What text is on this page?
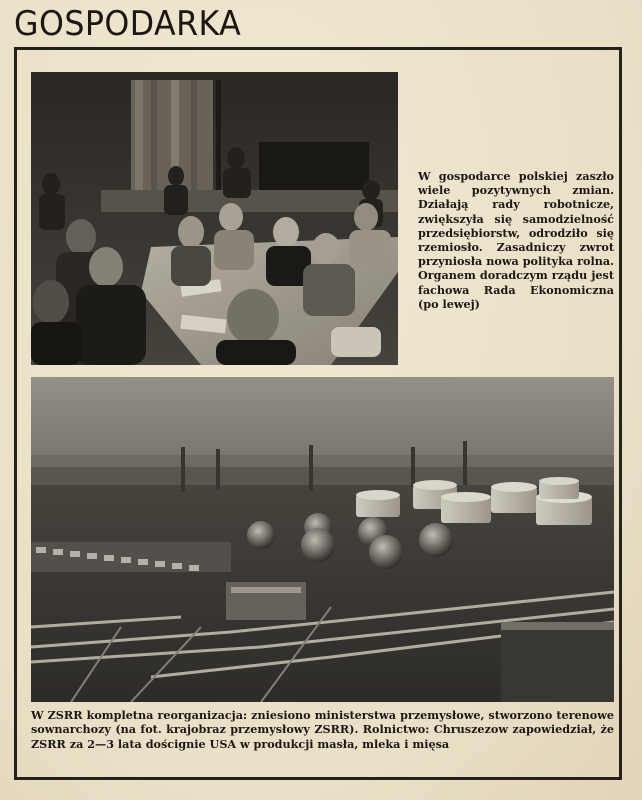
GOSPODARKA
W gospodarce polskiej zaszło wiele pozytywnych zmian. Działają rady robotnicze, zwiększyła się samodzielność przedsiębiorstw, odrodziło się rzemiosło. Zasadniczy zwrot przyniosła nowa polityka rolna. Organem doradczym rządu jest fachowa Rada Ekonomiczna (po lewej)
W ZSRR kompletna reorganizacja: zniesiono ministerstwa przemysłowe, stworzono terenowe sownarchozy (na fot. krajobraz przemysłowy ZSRR). Rolnictwo: Chruszezow zapowiedział, że ZSRR za 2—3 lata doścignie USA w produkcji masła, mleka i mięsa
